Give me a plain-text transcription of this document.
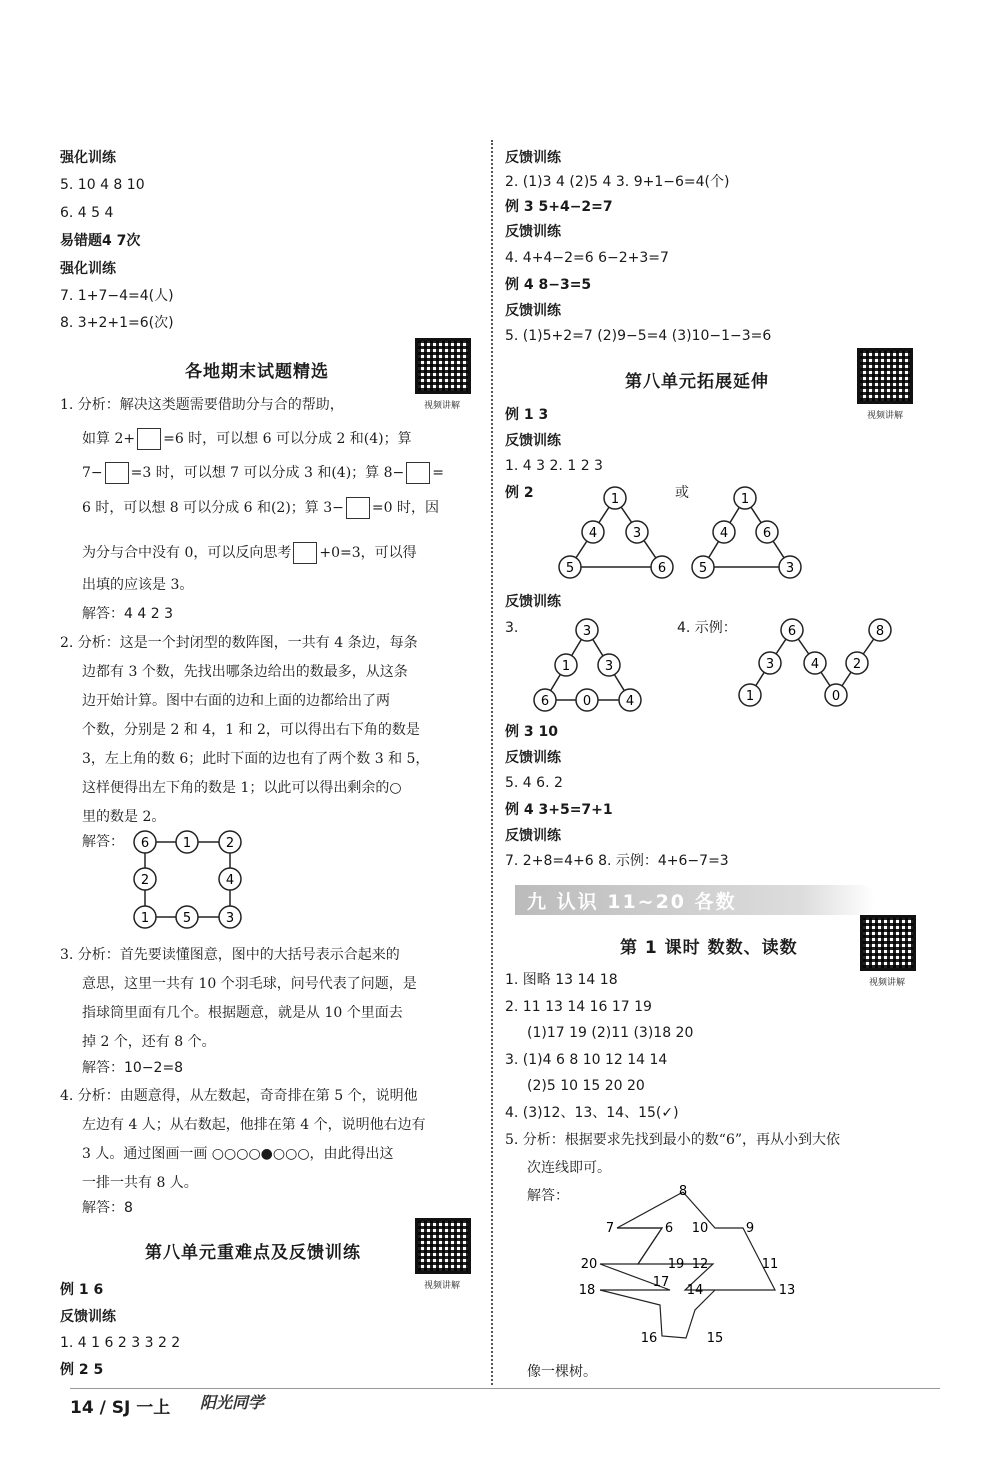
强化训练
5. 10 4 8 10
6. 4 5 4
易错题4 7次
强化训练
7. 1+7−4=4(人)
8. 3+2+1=6(次)
各地期末试题精选
视频讲解
1. 分析：解决这类题需要借助分与合的帮助，
如算 2+ =6 时，可以想 6 可以分成 2 和(4)；算
7− =3 时，可以想 7 可以分成 3 和(4)；算 8− =
6 时，可以想 8 可以分成 6 和(2)；算 3− =0 时，因
为分与合中没有 0，可以反向思考 +0=3，可以得
出填的应该是 3。
解答：4 4 2 3
2. 分析：这是一个封闭型的数阵图，一共有 4 条边，每条
边都有 3 个数，先找出哪条边给出的数最多，从这条
边开始计算。图中右面的边和上面的边都给出了两
个数，分别是 2 和 4，1 和 2，可以得出右下角的数是
3，左上角的数 6；此时下面的边也有了两个数 3 和 5，
这样便得出左下角的数是 1；以此可以得出剩余的○
里的数是 2。
解答： 6	1	2
2	4
1	5	3
3. 分析：首先要读懂图意，图中的大括号表示合起来的
意思，这里一共有 10 个羽毛球，问号代表了问题，是
指球筒里面有几个。根据题意，就是从 10 个里面去
掉 2 个，还有 8 个。
解答：10−2=8
4. 分析：由题意得，从左数起，奇奇排在第 5 个，说明他
左边有 4 人；从右数起，他排在第 4 个，说明他右边有
3 人。通过图画一画 ○○○○●○○○，由此得出这
一排一共有 8 人。
解答：8
第八单元重难点及反馈训练
视频讲解
例 1 6
反馈训练
1. 4 1 6 2 3 3 2 2
例 2 5
反馈训练
2. (1)3 4 (2)5 4 3. 9+1−6=4(个)
例 3 5+4−2=7
反馈训练
4. 4+4−2=6 6−2+3=7
例 4 8−3=5
反馈训练
5. (1)5+2=7 (2)9−5=4 (3)10−1−3=6
第八单元拓展延伸
视频讲解
例 1 3
反馈训练
1. 4 3 2. 1 2 3
例 2	或
1
4	3
5	6
1
4	6
5	3
反馈训练
3.	4. 示例：
3
1	3
6	0	4
6	8
3	4	2
1	0
例 3 10
反馈训练
5. 4 6. 2
例 4 3+5=7+1
反馈训练
7. 2+8=4+6 8. 示例：4+6−7=3
九 认识 11~20 各数
第 1 课时 数数、读数
视频讲解
1. 图略 13 14 18
2. 11 13 14 16 17 19
(1)17 19 (2)11 (3)18 20
3. (1)4 6 8 10 12 14 14
(2)5 10 15 20 20
4. (3)12、13、14、15(✓)
5. 分析：根据要求先找到最小的数“6”，再从小到大依
次连线即可。
解答：	8
7	6 10	9
20	19 12	11
18
17
14	13
16	15
像一棵树。
14 / SJ 一上 阳光同学
